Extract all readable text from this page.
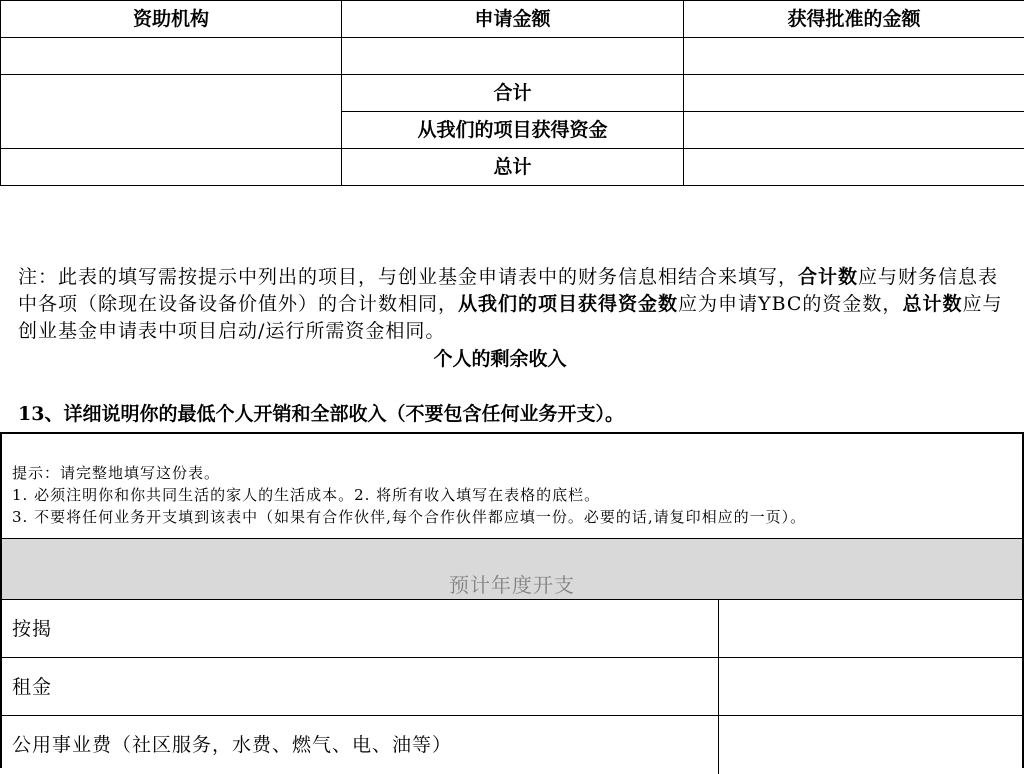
资助机构	申请金额	获得批准的金额

	合计	
	从我们的项目获得资金	
	总计	
注：此表的填写需按提示中列出的项目，与创业基金申请表中的财务信息相结合来填写，合计数应与财务信息表中各项（除现在设备设备价值外）的合计数相同，从我们的项目获得资金数应为申请YBC的资金数，总计数应与创业基金申请表中项目启动/运行所需资金相同。
个人的剩余收入
13、详细说明你的最低个人开销和全部收入（不要包含任何业务开支）。
提示：请完整地填写这份表。
1. 必须注明你和你共同生活的家人的生活成本。2. 将所有收入填写在表格的底栏。
3. 不要将任何业务开支填到该表中（如果有合作伙伴,每个合作伙伴都应填一份。必要的话,请复印相应的一页）。
预计年度开支
按揭
租金
公用事业费（社区服务，水费、燃气、电、油等）
